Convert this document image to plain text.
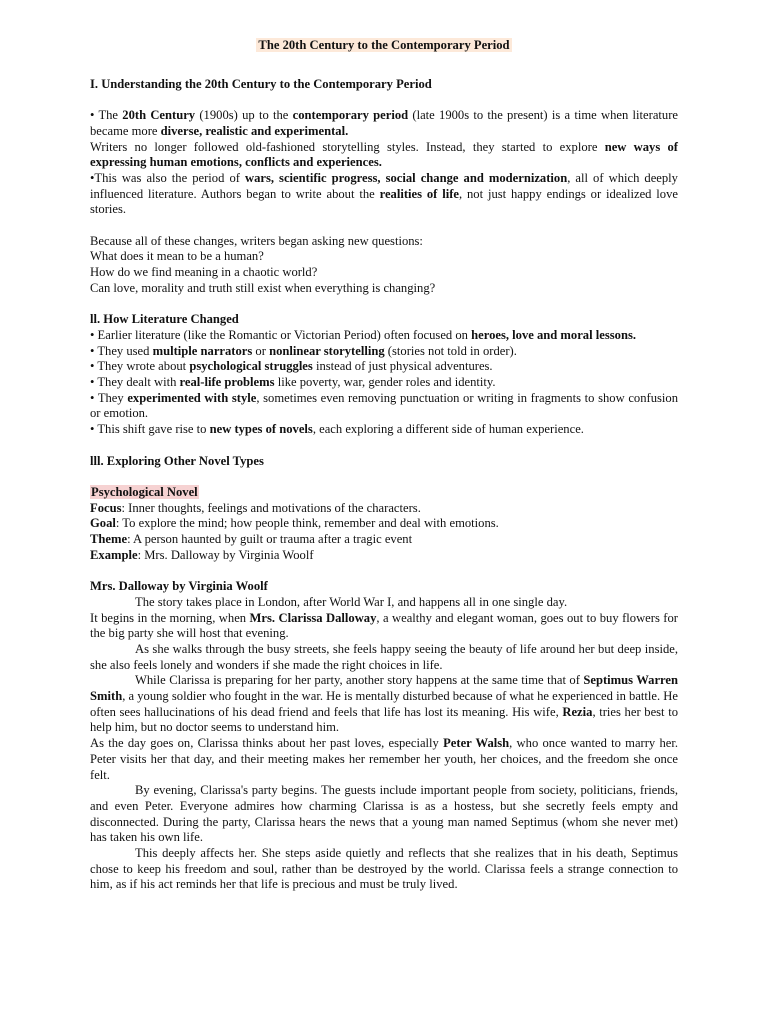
The 20th Century to the Contemporary Period

I. Understanding the 20th Century to the Contemporary Period

• The 20th Century (1900s) up to the contemporary period (late 1900s to the present) is a time when literature became more diverse, realistic and experimental.

Writers no longer followed old-fashioned storytelling styles. Instead, they started to explore new ways of expressing human emotions, conflicts and experiences.

•This was also the period of wars, scientific progress, social change and modernization, all of which deeply influenced literature. Authors began to write about the realities of life, not just happy endings or idealized love stories.

Because all of these changes, writers began asking new questions:

What does it mean to be a human?

How do we find meaning in a chaotic world?

Can love, morality and truth still exist when everything is changing?

ll. How Literature Changed

• Earlier literature (like the Romantic or Victorian Period) often focused on heroes, love and moral lessons.

• They used multiple narrators or nonlinear storytelling (stories not told in order).

• They wrote about psychological struggles instead of just physical adventures.

• They dealt with real-life problems like poverty, war, gender roles and identity.

• They experimented with style, sometimes even removing punctuation or writing in fragments to show confusion or emotion.

• This shift gave rise to new types of novels, each exploring a different side of human experience.

lll. Exploring Other Novel Types

Psychological Novel

Focus: Inner thoughts, feelings and motivations of the characters.

Goal: To explore the mind; how people think, remember and deal with emotions.

Theme: A person haunted by guilt or trauma after a tragic event

Example: Mrs. Dalloway by Virginia Woolf

Mrs. Dalloway by Virginia Woolf

The story takes place in London, after World War I, and happens all in one single day.

It begins in the morning, when Mrs. Clarissa Dalloway, a wealthy and elegant woman, goes out to buy flowers for the big party she will host that evening.

As she walks through the busy streets, she feels happy seeing the beauty of life around her but deep inside, she also feels lonely and wonders if she made the right choices in life.

While Clarissa is preparing for her party, another story happens at the same time that of Septimus Warren Smith, a young soldier who fought in the war. He is mentally disturbed because of what he experienced in battle. He often sees hallucinations of his dead friend and feels that life has lost its meaning. His wife, Rezia, tries her best to help him, but no doctor seems to understand him.

As the day goes on, Clarissa thinks about her past loves, especially Peter Walsh, who once wanted to marry her. Peter visits her that day, and their meeting makes her remember her youth, her choices, and the freedom she once felt.

By evening, Clarissa's party begins. The guests include important people from society, politicians, friends, and even Peter. Everyone admires how charming Clarissa is as a hostess, but she secretly feels empty and disconnected. During the party, Clarissa hears the news that a young man named Septimus (whom she never met) has taken his own life.

This deeply affects her. She steps aside quietly and reflects that she realizes that in his death, Septimus chose to keep his freedom and soul, rather than be destroyed by the world. Clarissa feels a strange connection to him, as if his act reminds her that life is precious and must be truly lived.
